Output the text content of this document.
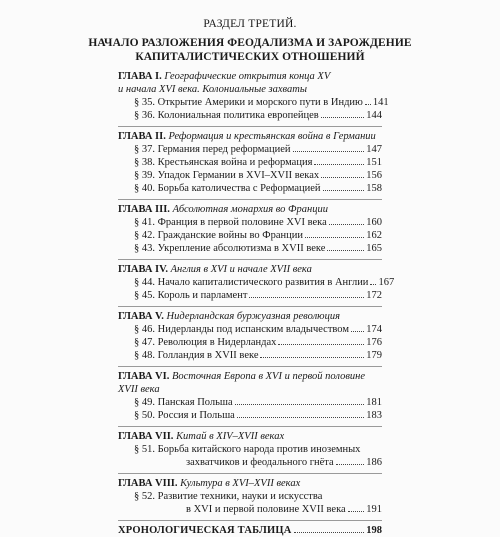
РАЗДЕЛ ТРЕТИЙ.
НАЧАЛО РАЗЛОЖЕНИЯ ФЕОДАЛИЗМА И ЗАРОЖДЕНИЕ
КАПИТАЛИСТИЧЕСКИХ ОТНОШЕНИЙ
ГЛАВА I. Географические открытия конца XV
и начала XVI века. Колониальные захваты
§ 35. Открытие Америки и морского пути в Индию 141
§ 36. Колониальная политика европейцев	144
ГЛАВА II. Реформация и крестьянская война в Германии
§ 37. Германия перед реформацией	147
§ 38. Крестьянская война и реформация	151
§ 39. Упадок Германии в XVI–XVII веках	156
§ 40. Борьба католичества с Реформацией	158
ГЛАВА III. Абсолютная монархия во Франции
§ 41. Франция в первой половине XVI века	160
§ 42. Гражданские войны во Франции	162
§ 43. Укрепление абсолютизма в XVII веке	165
ГЛАВА IV. Англия в XVI и начале XVII века
§ 44. Начало капиталистического развития в Англии 167
§ 45. Король и парламент	172
ГЛАВА V. Нидерландская буржуазная революция
§ 46. Нидерланды под испанским владычеством 174
§ 47. Революция в Нидерландах	176
§ 48. Голландия в XVII веке	179
ГЛАВА VI. Восточная Европа в XVI и первой половине XVII века
§ 49. Панская Польша	181
§ 50. Россия и Польша	183
ГЛАВА VII. Китай в XIV–XVII веках
§ 51. Борьба китайского народа против иноземных
захватчиков и феодального гнёта	186
ГЛАВА VIII. Культура в XVI–XVII веках
§ 52. Развитие техники, науки и искусства
в XVI и первой половине XVII века 191
ХРОНОЛОГИЧЕСКАЯ ТАБЛИЦА	198
